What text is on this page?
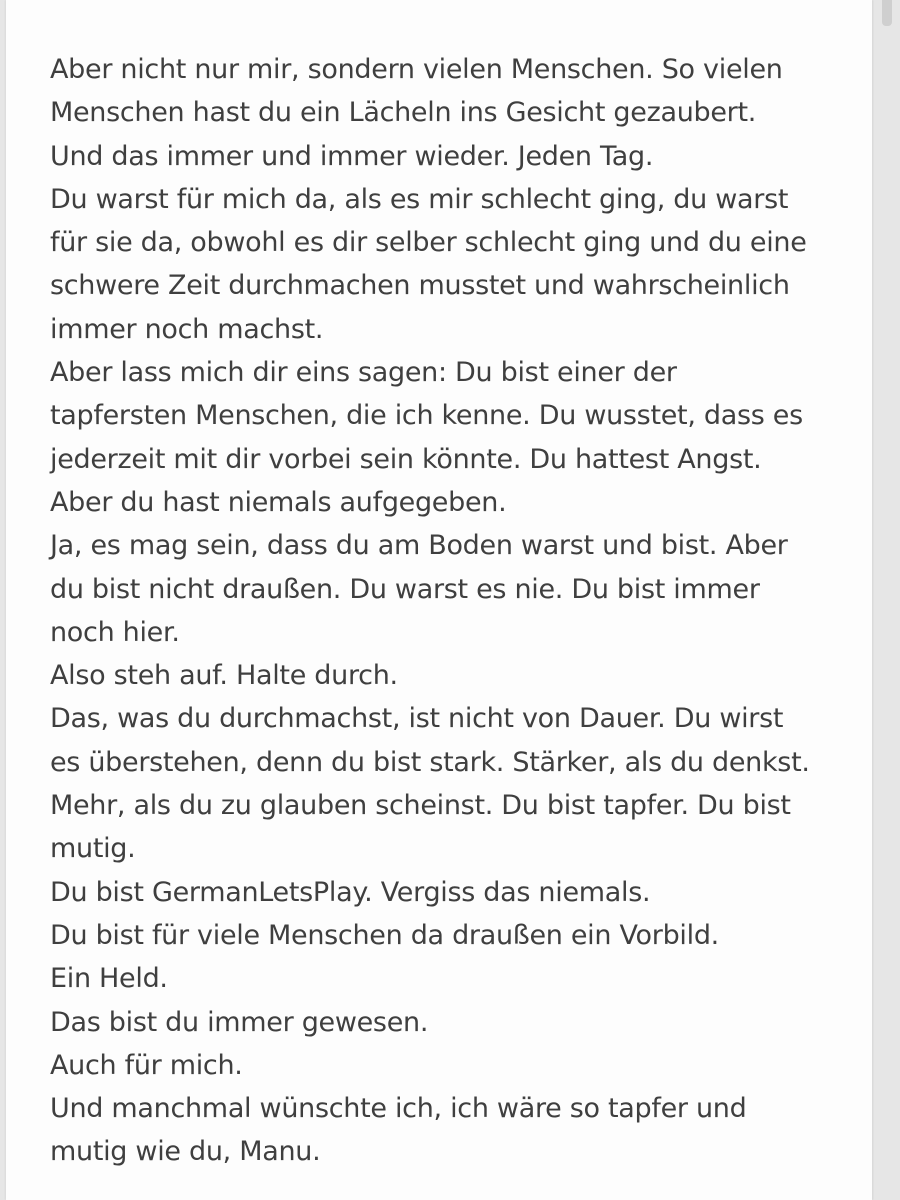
Aber nicht nur mir, sondern vielen Menschen. So vielen
Menschen hast du ein Lächeln ins Gesicht gezaubert.
Und das immer und immer wieder. Jeden Tag.
Du warst für mich da, als es mir schlecht ging, du warst
für sie da, obwohl es dir selber schlecht ging und du eine
schwere Zeit durchmachen musstet und wahrscheinlich
immer noch machst.
Aber lass mich dir eins sagen: Du bist einer der
tapfersten Menschen, die ich kenne. Du wusstet, dass es
jederzeit mit dir vorbei sein könnte. Du hattest Angst.
Aber du hast niemals aufgegeben.
Ja, es mag sein, dass du am Boden warst und bist. Aber
du bist nicht draußen. Du warst es nie. Du bist immer
noch hier.
Also steh auf. Halte durch.
Das, was du durchmachst, ist nicht von Dauer. Du wirst
es überstehen, denn du bist stark. Stärker, als du denkst.
Mehr, als du zu glauben scheinst. Du bist tapfer. Du bist
mutig.
Du bist GermanLetsPlay. Vergiss das niemals.
Du bist für viele Menschen da draußen ein Vorbild.
Ein Held.
Das bist du immer gewesen.
Auch für mich.
Und manchmal wünschte ich, ich wäre so tapfer und
mutig wie du, Manu.
